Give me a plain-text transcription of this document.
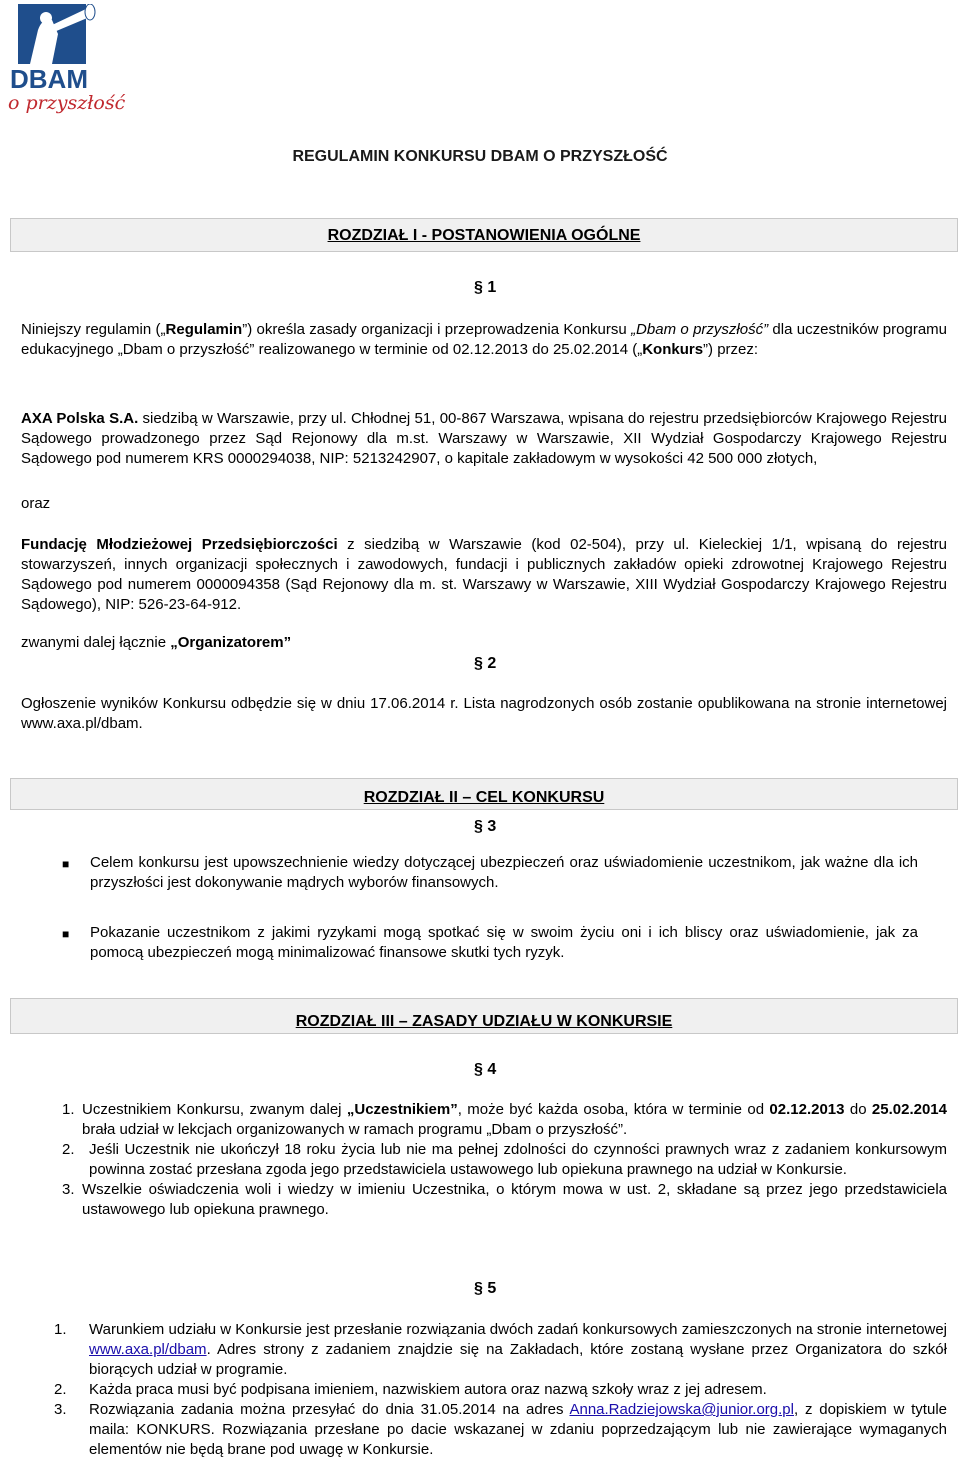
DBAM
o przyszłość
REGULAMIN KONKURSU DBAM O PRZYSZŁOŚĆ
ROZDZIAŁ I - POSTANOWIENIA OGÓLNE
§ 1
Niniejszy regulamin („Regulamin”) określa zasady organizacji i przeprowadzenia Konkursu „Dbam o przyszłość” dla uczestników programu edukacyjnego „Dbam o przyszłość” realizowanego w terminie od 02.12.2013 do 25.02.2014 („Konkurs”) przez:
AXA Polska S.A. siedzibą w Warszawie, przy ul. Chłodnej 51, 00-867 Warszawa, wpisana do rejestru przedsiębiorców Krajowego Rejestru Sądowego prowadzonego przez Sąd Rejonowy dla m.st. Warszawy w Warszawie, XII Wydział Gospodarczy Krajowego Rejestru Sądowego pod numerem KRS 0000294038, NIP: 5213242907, o kapitale zakładowym w wysokości 42 500 000 złotych,
oraz
Fundację Młodzieżowej Przedsiębiorczości z siedzibą w Warszawie (kod 02-504), przy ul. Kieleckiej 1/1, wpisaną do rejestru stowarzyszeń, innych organizacji społecznych i zawodowych, fundacji i publicznych zakładów opieki zdrowotnej Krajowego Rejestru Sądowego pod numerem 0000094358 (Sąd Rejonowy dla m. st. Warszawy w Warszawie, XIII Wydział Gospodarczy Krajowego Rejestru Sądowego), NIP: 526-23-64-912.
zwanymi dalej łącznie „Organizatorem”
§ 2
Ogłoszenie wyników Konkursu odbędzie się w dniu 17.06.2014 r. Lista nagrodzonych osób zostanie opublikowana na stronie internetowej www.axa.pl/dbam.
ROZDZIAŁ II – CEL KONKURSU
§ 3
■	Celem konkursu jest upowszechnienie wiedzy dotyczącej ubezpieczeń oraz uświadomienie uczestnikom, jak ważne dla ich przyszłości jest dokonywanie mądrych wyborów finansowych.
■	Pokazanie uczestnikom z jakimi ryzykami mogą spotkać się w swoim życiu oni i ich bliscy oraz uświadomienie, jak za pomocą ubezpieczeń mogą minimalizować finansowe skutki tych ryzyk.
ROZDZIAŁ III – ZASADY UDZIAŁU W KONKURSIE
§ 4
1. Uczestnikiem Konkursu, zwanym dalej „Uczestnikiem”, może być każda osoba, która w terminie od 02.12.2013 do 25.02.2014 brała udział w lekcjach organizowanych w ramach programu „Dbam o przyszłość”.
2. Jeśli Uczestnik nie ukończył 18 roku życia lub nie ma pełnej zdolności do czynności prawnych wraz z zadaniem konkursowym powinna zostać przesłana zgoda jego przedstawiciela ustawowego lub opiekuna prawnego na udział w Konkursie.
3. Wszelkie oświadczenia woli i wiedzy w imieniu Uczestnika, o którym mowa w ust. 2, składane są przez jego przedstawiciela ustawowego lub opiekuna prawnego.
§ 5
1.	Warunkiem udziału w Konkursie jest przesłanie rozwiązania dwóch zadań konkursowych zamieszczonych na stronie internetowej www.axa.pl/dbam. Adres strony z zadaniem znajdzie się na Zakładach, które zostaną wysłane przez Organizatora do szkół biorących udział w programie.
2.	Każda praca musi być podpisana imieniem, nazwiskiem autora oraz nazwą szkoły wraz z jej adresem.
3.	Rozwiązania zadania można przesyłać do dnia 31.05.2014 na adres Anna.Radziejowska@junior.org.pl, z dopiskiem w tytule maila: KONKURS. Rozwiązania przesłane po dacie wskazanej w zdaniu poprzedzającym lub nie zawierające wymaganych elementów nie będą brane pod uwagę w Konkursie.
